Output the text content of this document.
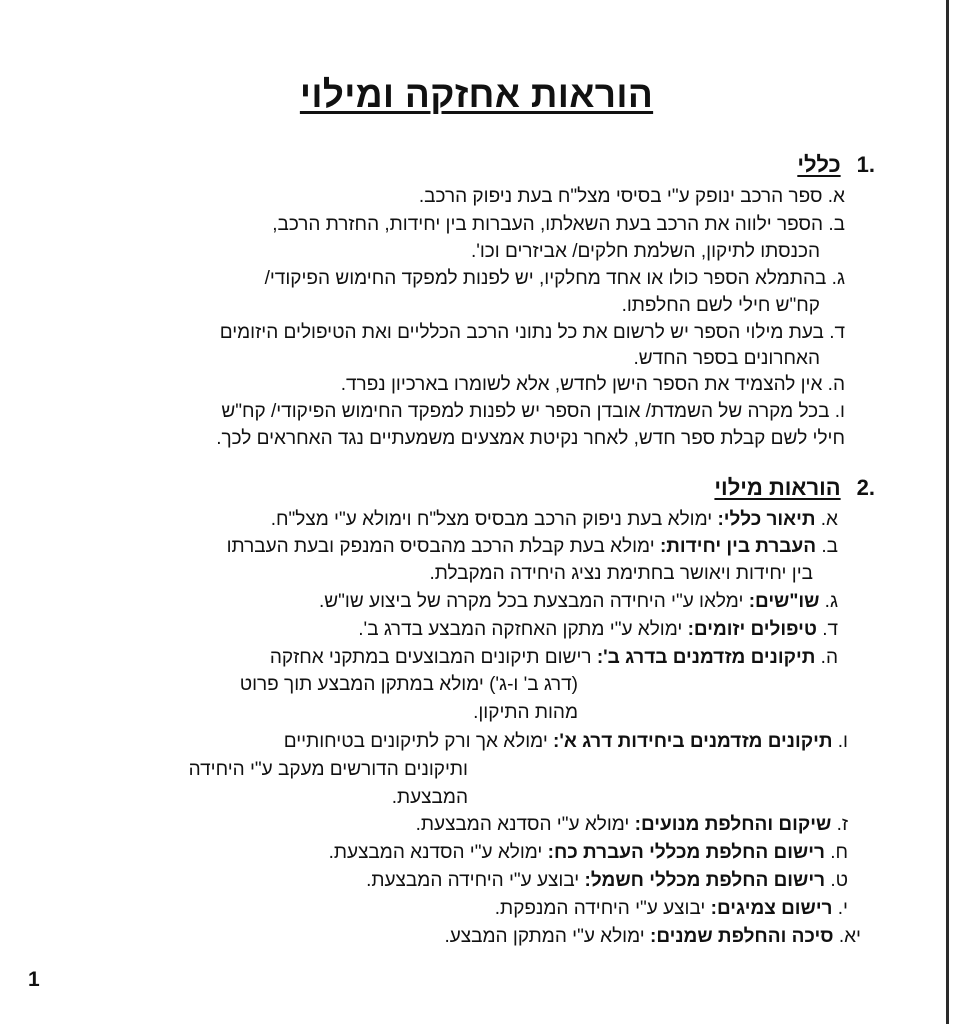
הוראות אחזקה ומילוי
.1כללי
א. ספר הרכב ינופק ע"י בסיסי מצל"ח בעת ניפוק הרכב.
ב. הספר ילווה את הרכב בעת השאלתו, העברות בין יחידות, החזרת הרכב,
הכנסתו לתיקון, השלמת חלקים/ אביזרים וכו'.
ג. בהתמלא הספר כולו או אחד מחלקיו, יש לפנות למפקד החימוש הפיקודי/
קח"ש חילי לשם החלפתו.
ד. בעת מילוי הספר יש לרשום את כל נתוני הרכב הכלליים ואת הטיפולים היזומים
האחרונים בספר החדש.
ה. אין להצמיד את הספר הישן לחדש, אלא לשומרו בארכיון נפרד.
ו. בכל מקרה של השמדת/ אובדן הספר יש לפנות למפקד החימוש הפיקודי/ קח"ש
חילי לשם קבלת ספר חדש, לאחר נקיטת אמצעים משמעתיים נגד האחראים לכך.
.2הוראות מילוי
א. תיאור כללי: ימולא בעת ניפוק הרכב מבסיס מצל"ח וימולא ע"י מצל"ח.
ב. העברת בין יחידות: ימולא בעת קבלת הרכב מהבסיס המנפק ובעת העברתו
בין יחידות ויאושר בחתימת נציג היחידה המקבלת.
ג. שו"שים: ימלאו ע"י היחידה המבצעת בכל מקרה של ביצוע שו"ש.
ד. טיפולים יזומים: ימולא ע"י מתקן האחזקה המבצע בדרג ב'.
ה. תיקונים מזדמנים בדרג ב': רישום תיקונים המבוצעים במתקני אחזקה
(דרג ב' ו-ג') ימולא במתקן המבצע תוך פרוט
מהות התיקון.
ו. תיקונים מזדמנים ביחידות דרג א': ימולא אך ורק לתיקונים בטיחותיים
ותיקונים הדורשים מעקב ע"י היחידה
המבצעת.
ז. שיקום והחלפת מנועים: ימולא ע"י הסדנא המבצעת.
ח. רישום החלפת מכללי העברת כח: ימולא ע"י הסדנא המבצעת.
ט. רישום החלפת מכללי חשמל: יבוצע ע"י היחידה המבצעת.
י. רישום צמיגים: יבוצע ע"י היחידה המנפקת.
יא. סיכה והחלפת שמנים: ימולא ע"י המתקן המבצע.
1
